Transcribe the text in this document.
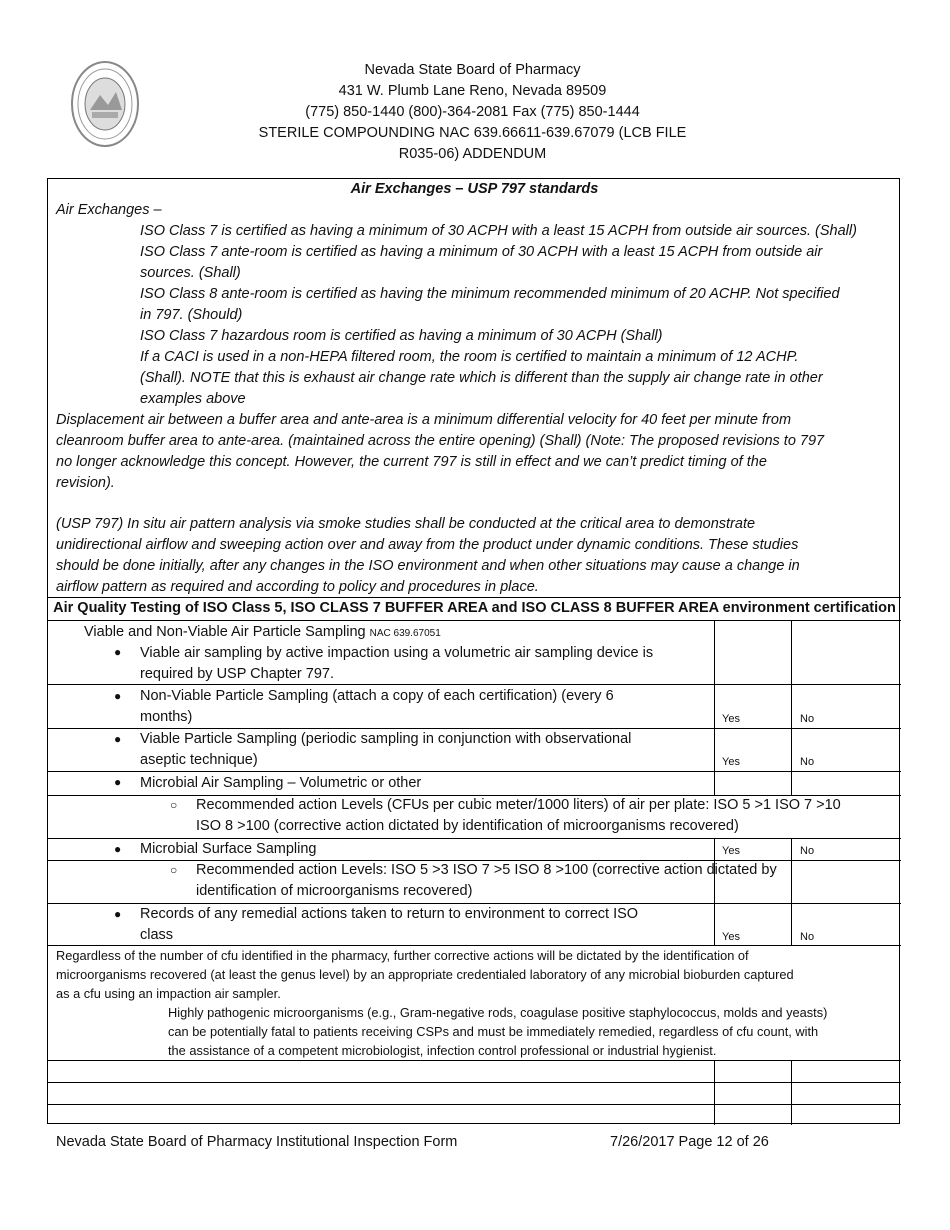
Nevada State Board of Pharmacy
431 W. Plumb Lane Reno, Nevada 89509
(775) 850-1440 (800)-364-2081 Fax (775) 850-1444
STERILE COMPOUNDING NAC 639.66611-639.67079 (LCB FILE
R035-06) ADDENDUM
Air Exchanges – USP 797 standards
Air Exchanges –
ISO Class 7 is certified as having a minimum of 30 ACPH with a least 15 ACPH from outside air sources. (Shall)
ISO Class 7 ante-room is certified as having a minimum of 30 ACPH with a least 15 ACPH from outside air
sources. (Shall)
ISO Class 8 ante-room is certified as having the minimum recommended minimum of 20 ACHP. Not specified
in 797. (Should)
ISO Class 7 hazardous room is certified as having a minimum of 30 ACPH (Shall)
If a CACI is used in a non-HEPA filtered room, the room is certified to maintain a minimum of 12 ACHP.
(Shall). NOTE that this is exhaust air change rate which is different than the supply air change rate in other
examples above
Displacement air between a buffer area and ante-area is a minimum differential velocity for 40 feet per minute from
cleanroom buffer area to ante-area. (maintained across the entire opening) (Shall) (Note: The proposed revisions to 797
no longer acknowledge this concept. However, the current 797 is still in effect and we can’t predict timing of the
revision).
(USP 797) In situ air pattern analysis via smoke studies shall be conducted at the critical area to demonstrate
unidirectional airflow and sweeping action over and away from the product under dynamic conditions. These studies
should be done initially, after any changes in the ISO environment and when other situations may cause a change in
airflow pattern as required and according to policy and procedures in place.
Air Quality Testing of ISO Class 5, ISO CLASS 7 BUFFER AREA and ISO CLASS 8 BUFFER AREA environment certification
Viable and Non-Viable Air Particle Sampling NAC 639.67051
● Viable air sampling by active impaction using a volumetric air sampling device is
required by USP Chapter 797.
● Non-Viable Particle Sampling (attach a copy of each certification) (every 6
months)	Yes	No
● Viable Particle Sampling (periodic sampling in conjunction with observational
aseptic technique)	Yes	No
● Microbial Air Sampling – Volumetric or other
○ Recommended action Levels (CFUs per cubic meter/1000 liters) of air per plate: ISO 5 >1 ISO 7 >10
ISO 8 >100 (corrective action dictated by identification of microorganisms recovered)
● Microbial Surface Sampling	Yes	No
○ Recommended action Levels: ISO 5 >3 ISO 7 >5 ISO 8 >100 (corrective action dictated by
identification of microorganisms recovered)
● Records of any remedial actions taken to return to environment to correct ISO
class	Yes	No
Regardless of the number of cfu identified in the pharmacy, further corrective actions will be dictated by the identification of
microorganisms recovered (at least the genus level) by an appropriate credentialed laboratory of any microbial bioburden captured
as a cfu using an impaction air sampler.
Highly pathogenic microorganisms (e.g., Gram-negative rods, coagulase positive staphylococcus, molds and yeasts)
can be potentially fatal to patients receiving CSPs and must be immediately remedied, regardless of cfu count, with
the assistance of a competent microbiologist, infection control professional or industrial hygienist.
Nevada State Board of Pharmacy Institutional Inspection Form	7/26/2017 Page 12 of 26
